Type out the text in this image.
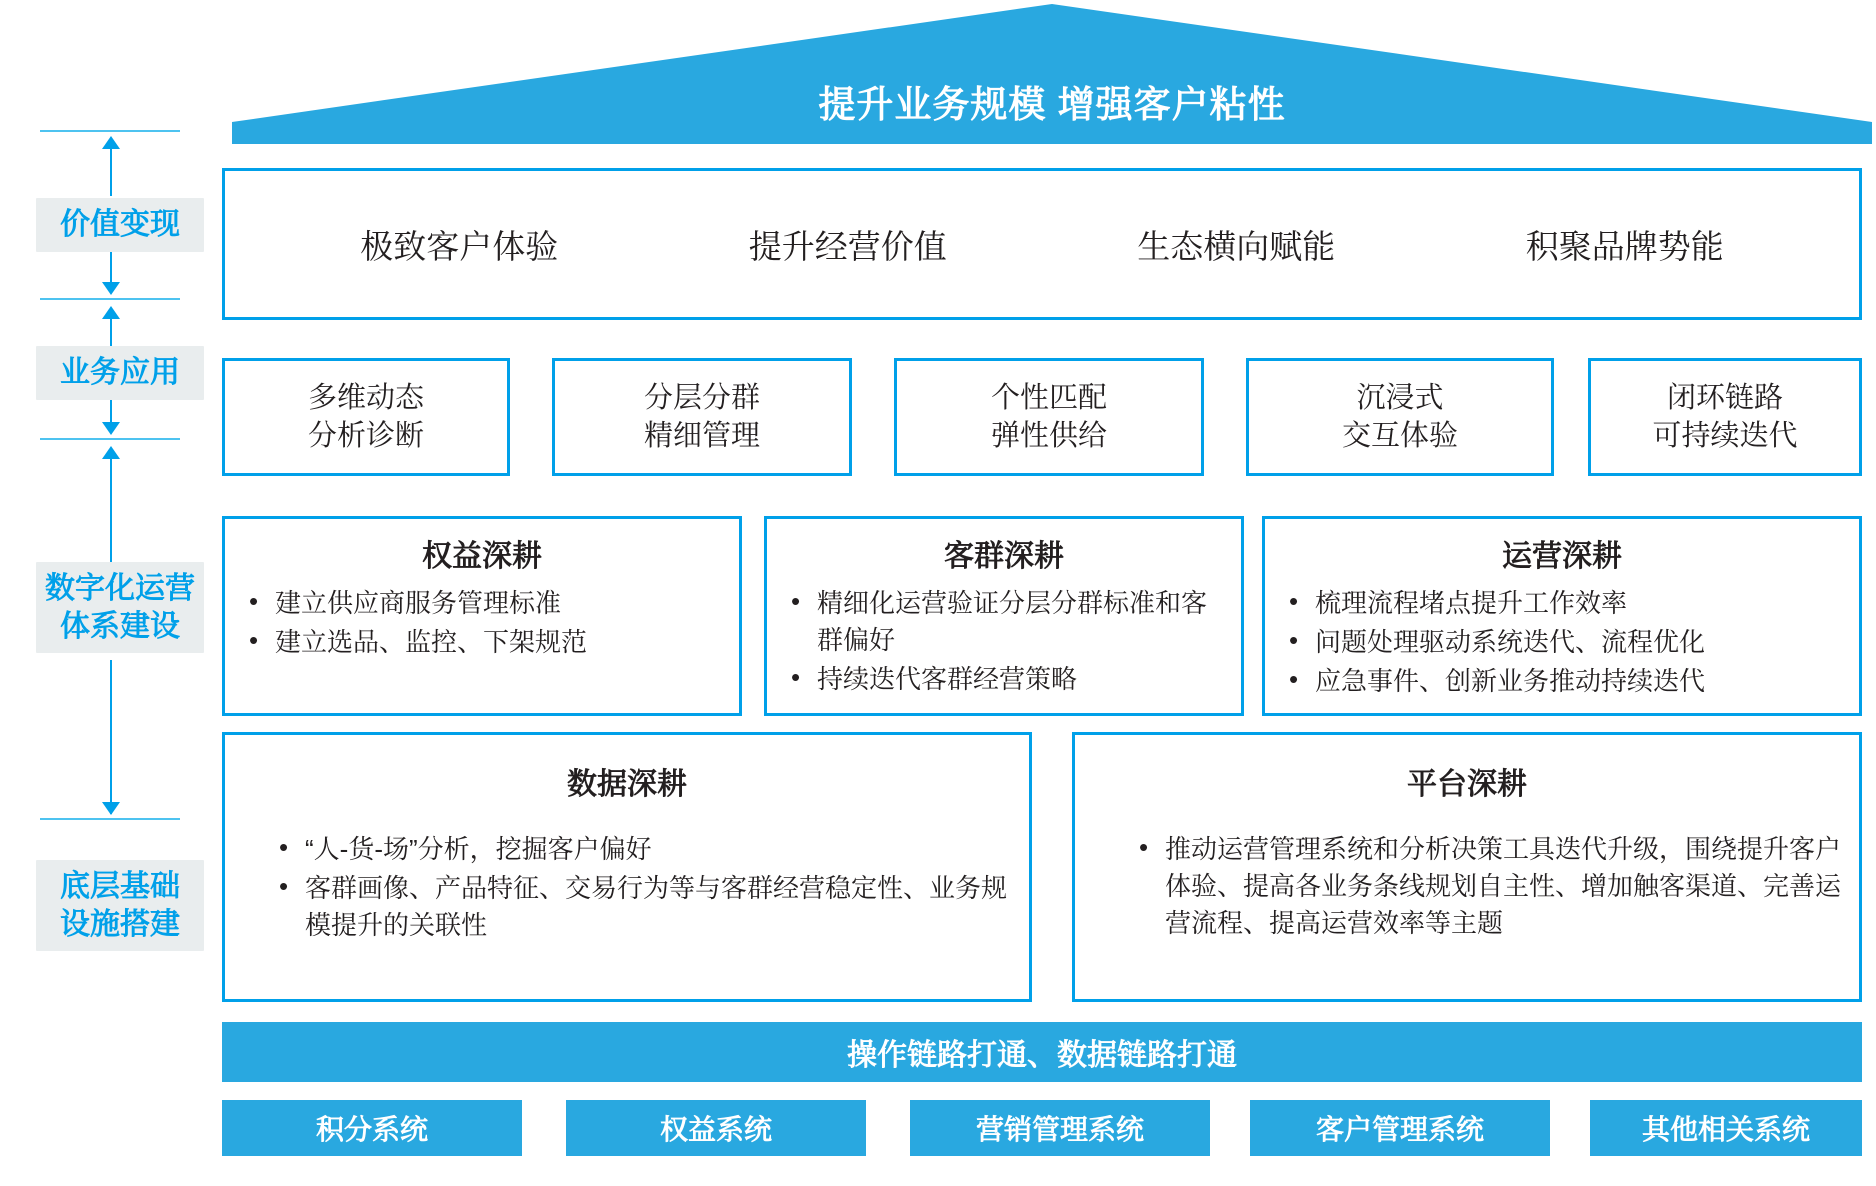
提升业务规模 增强客户粘性
价值变现
业务应用
数字化运营
体系建设
底层基础
设施搭建
极致客户体验	提升经营价值	生态横向赋能	积聚品牌势能
多维动态
分析诊断
分层分群
精细管理
个性匹配
弹性供给
沉浸式
交互体验
闭环链路
可持续迭代
权益深耕
• 建立供应商服务管理标准
• 建立选品、监控、下架规范
客群深耕
• 精细化运营验证分层分群标准和客群偏好
• 持续迭代客群经营策略
运营深耕
• 梳理流程堵点提升工作效率
• 问题处理驱动系统迭代、流程优化
• 应急事件、创新业务推动持续迭代
数据深耕
• “人-货-场”分析，挖掘客户偏好
• 客群画像、产品特征、交易行为等与客群经营稳定性、业务规模提升的关联性
平台深耕
• 推动运营管理系统和分析决策工具迭代升级，围绕提升客户体验、提高各业务条线规划自主性、增加触客渠道、完善运营流程、提高运营效率等主题
操作链路打通、数据链路打通
积分系统	权益系统	营销管理系统	客户管理系统	其他相关系统
